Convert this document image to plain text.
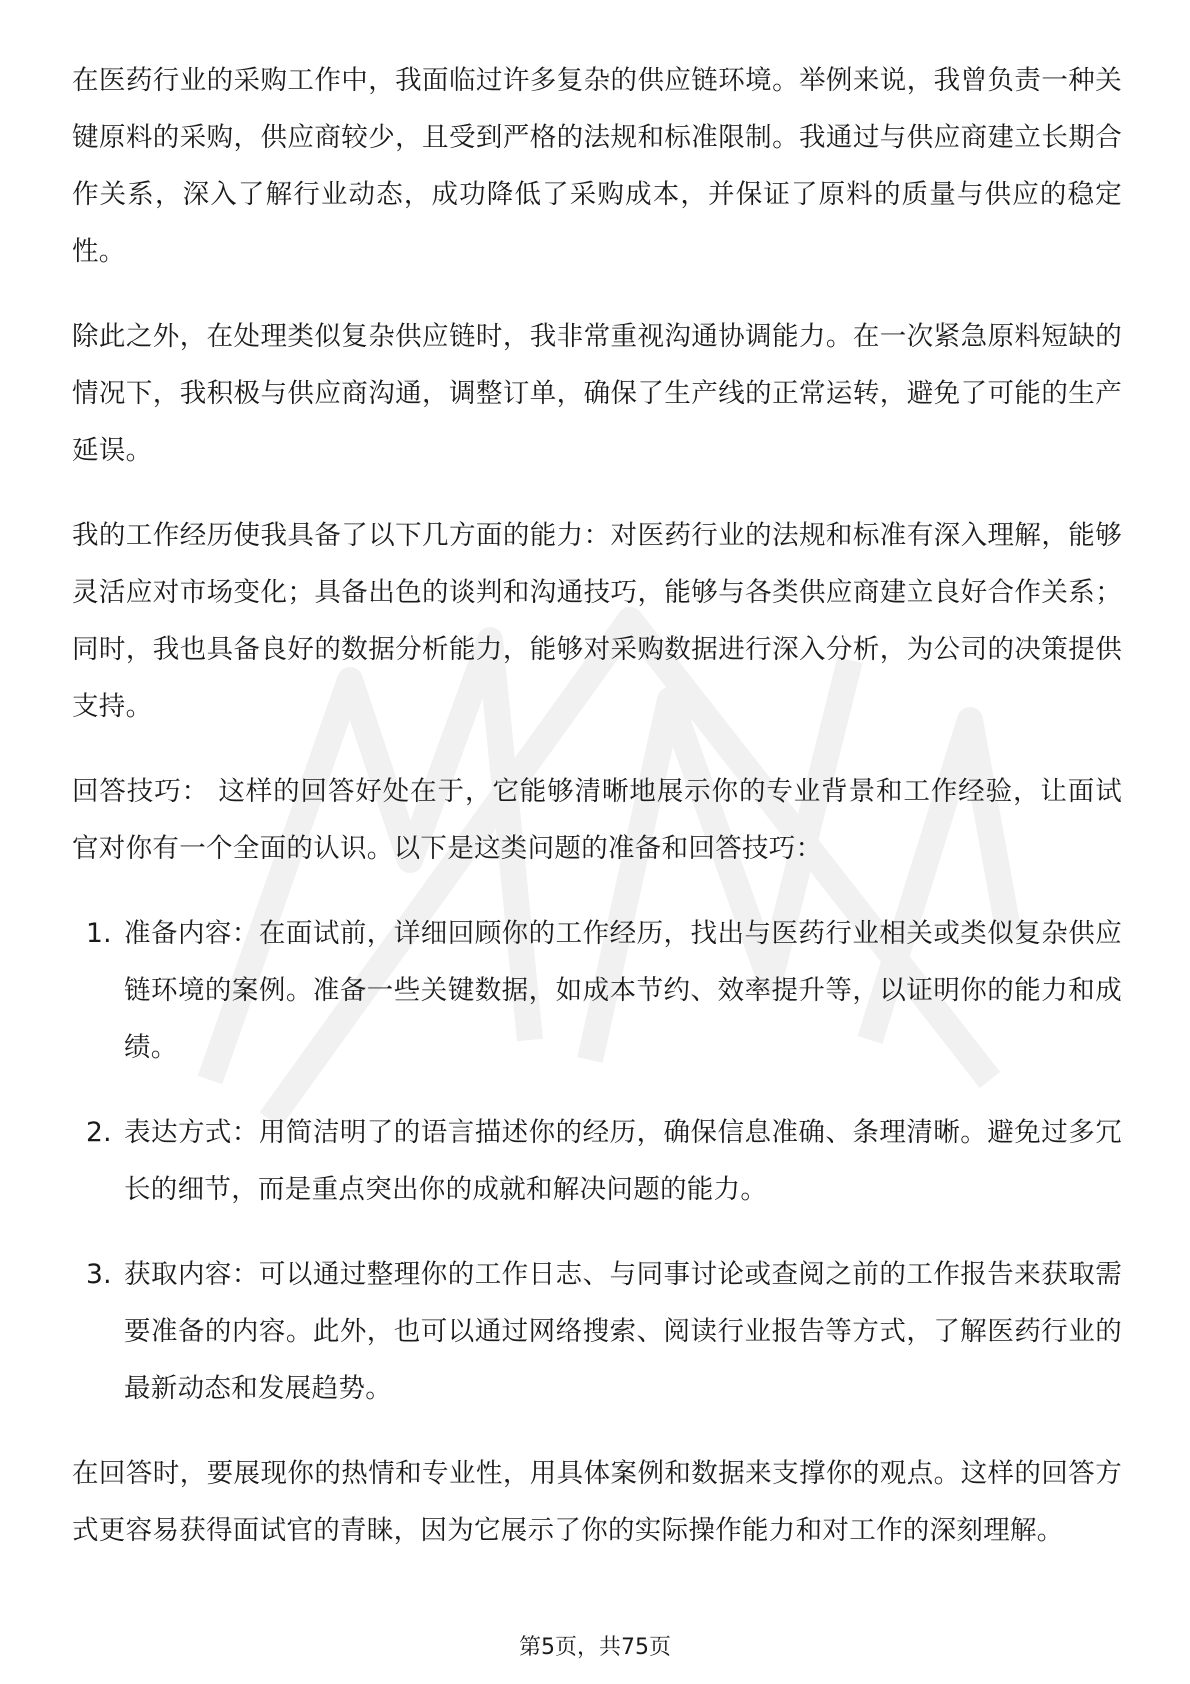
在医药行业的采购工作中，我面临过许多复杂的供应链环境。举例来说，我曾负责一种关键原料的采购，供应商较少，且受到严格的法规和标准限制。我通过与供应商建立长期合作关系，深入了解行业动态，成功降低了采购成本，并保证了原料的质量与供应的稳定性。

除此之外，在处理类似复杂供应链时，我非常重视沟通协调能力。在一次紧急原料短缺的情况下，我积极与供应商沟通，调整订单，确保了生产线的正常运转，避免了可能的生产延误。

我的工作经历使我具备了以下几方面的能力：对医药行业的法规和标准有深入理解，能够灵活应对市场变化；具备出色的谈判和沟通技巧，能够与各类供应商建立良好合作关系；同时，我也具备良好的数据分析能力，能够对采购数据进行深入分析，为公司的决策提供支持。

回答技巧： 这样的回答好处在于，它能够清晰地展示你的专业背景和工作经验，让面试官对你有一个全面的认识。以下是这类问题的准备和回答技巧：

1. 准备内容：在面试前，详细回顾你的工作经历，找出与医药行业相关或类似复杂供应链环境的案例。准备一些关键数据，如成本节约、效率提升等，以证明你的能力和成绩。
2. 表达方式：用简洁明了的语言描述你的经历，确保信息准确、条理清晰。避免过多冗长的细节，而是重点突出你的成就和解决问题的能力。
3. 获取内容：可以通过整理你的工作日志、与同事讨论或查阅之前的工作报告来获取需要准备的内容。此外，也可以通过网络搜索、阅读行业报告等方式，了解医药行业的最新动态和发展趋势。

在回答时，要展现你的热情和专业性，用具体案例和数据来支撑你的观点。这样的回答方式更容易获得面试官的青睐，因为它展示了你的实际操作能力和对工作的深刻理解。

第5页，共75页
